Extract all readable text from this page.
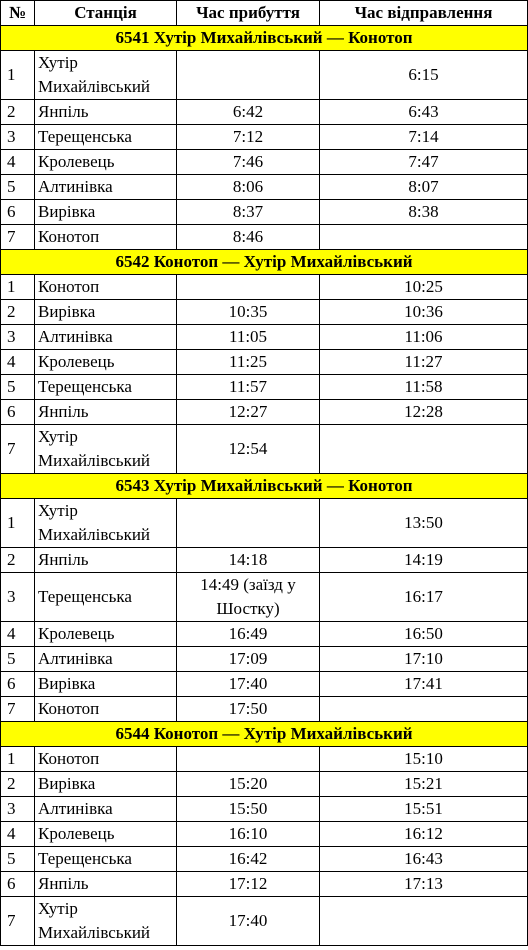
№	Станція	Час прибуття	Час відправлення
6541 Хутір Михайлівський — Конотоп			
1	Хутір Михайлівський		6:15
2	Янпіль	6:42	6:43
3	Терещенська	7:12	7:14
4	Кролевець	7:46	7:47
5	Алтинівка	8:06	8:07
6	Вирівка	8:37	8:38
7	Конотоп	8:46	
6542 Конотоп — Хутір Михайлівський			
1	Конотоп		10:25
2	Вирівка	10:35	10:36
3	Алтинівка	11:05	11:06
4	Кролевець	11:25	11:27
5	Терещенська	11:57	11:58
6	Янпіль	12:27	12:28
7	Хутір Михайлівський	12:54	
6543 Хутір Михайлівський — Конотоп			
1	Хутір Михайлівський		13:50
2	Янпіль	14:18	14:19
3	Терещенська	14:49 (заїзд у Шостку)	16:17
4	Кролевець	16:49	16:50
5	Алтинівка	17:09	17:10
6	Вирівка	17:40	17:41
7	Конотоп	17:50	
6544 Конотоп — Хутір Михайлівський			
1	Конотоп		15:10
2	Вирівка	15:20	15:21
3	Алтинівка	15:50	15:51
4	Кролевець	16:10	16:12
5	Терещенська	16:42	16:43
6	Янпіль	17:12	17:13
7	Хутір Михайлівський	17:40	
